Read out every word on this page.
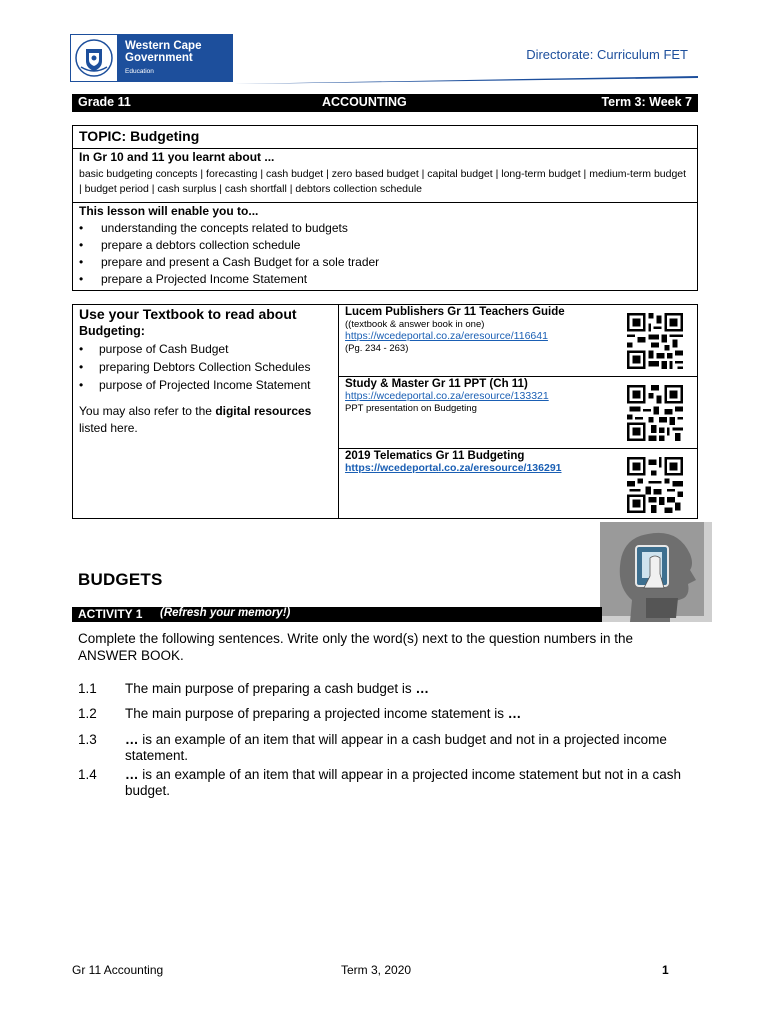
Western Cape
Government
Education
Directorate: Curriculum FET
Grade 11	ACCOUNTING	Term 3: Week 7
TOPIC: Budgeting
In Gr 10 and 11 you learnt about ...
basic budgeting concepts | forecasting | cash budget | zero based budget | capital budget | long-term budget | medium-term budget | budget period | cash surplus | cash shortfall | debtors collection schedule
This lesson will enable you to...
• understanding the concepts related to budgets
• prepare a debtors collection schedule
• prepare and present a Cash Budget for a sole trader
• prepare a Projected Income Statement
Use your Textbook to read about
Budgeting:
• purpose of Cash Budget
• preparing Debtors Collection Schedules
• purpose of Projected Income Statement
You may also refer to the digital resources listed here.
Lucem Publishers Gr 11 Teachers Guide
((textbook & answer book in one)
https://wcedeportal.co.za/eresource/116641
(Pg. 234 - 263)
Study & Master Gr 11 PPT (Ch 11)
https://wcedeportal.co.za/eresource/133321
PPT presentation on Budgeting
2019 Telematics Gr 11 Budgeting
https://wcedeportal.co.za/eresource/136291
BUDGETS
ACTIVITY 1 (Refresh your memory!)
Complete the following sentences. Write only the word(s) next to the question numbers in the ANSWER BOOK.
1.1	The main purpose of preparing a cash budget is …
1.2	The main purpose of preparing a projected income statement is …
1.3	… is an example of an item that will appear in a cash budget and not in a projected income statement.
1.4	… is an example of an item that will appear in a projected income statement but not in a cash budget.
Gr 11 Accounting	Term 3, 2020	1
